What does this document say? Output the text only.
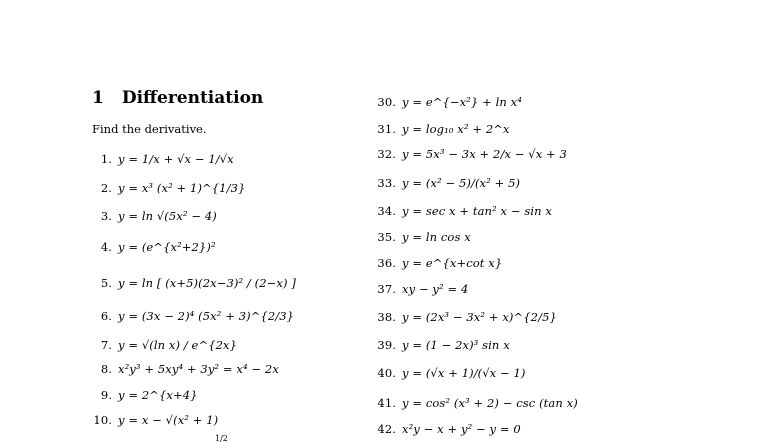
1 Differentiation
Find the derivative.
1. y = 1/x + √x − 1/√x
2. y = x³ (x² + 1)^{1/3}
3. y = ln √(5x² − 4)
4. y = (e^{x²+2})²
5. y = ln [ (x+5)(2x−3)² / (2−x) ]
6. y = (3x − 2)⁴ (5x² + 3)^{2/3}
7. y = √(ln x) / e^{2x}
8. x²y³ + 5xy⁴ + 3y² = x⁴ − 2x
9. y = 2^{x+4}
10. y = x − √(x² + 1)
30. y = e^{−x²} + ln x⁴
31. y = log₁₀ x² + 2^x
32. y = 5x³ − 3x + 2/x − √x + 3
33. y = (x² − 5)/(x² + 5)
34. y = sec x + tan² x − sin x
35. y = ln cos x
36. y = e^{x+cot x}
37. xy − y² = 4
38. y = (2x³ − 3x² + x)^{2/5}
39. y = (1 − 2x)³ sin x
40. y = (√x + 1)/(√x − 1)
41. y = cos² (x³ + 2) − csc (tan x)
42. x²y − x + y² − y = 0
1/2
